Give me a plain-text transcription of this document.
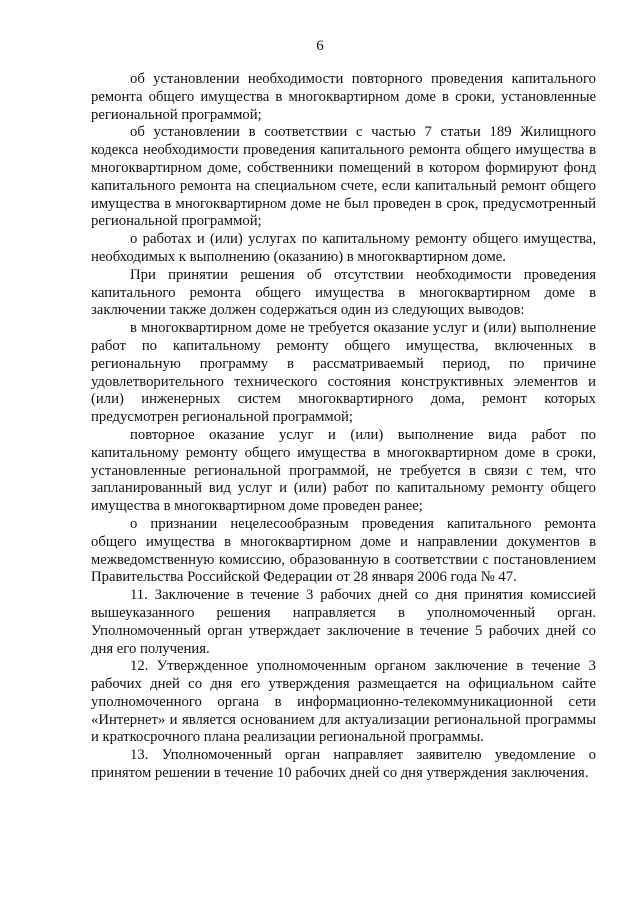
6

об установлении необходимости повторного проведения капитального ремонта общего имущества в многоквартирном доме в сроки, установленные региональной программой;

об установлении в соответствии с частью 7 статьи 189 Жилищного кодекса необходимости проведения капитального ремонта общего имущества в многоквартирном доме, собственники помещений в котором формируют фонд капитального ремонта на специальном счете, если капитальный ремонт общего имущества в многоквартирном доме не был проведен в срок, предусмотренный региональной программой;

о работах и (или) услугах по капитальному ремонту общего имущества, необходимых к выполнению (оказанию) в многоквартирном доме.

При принятии решения об отсутствии необходимости проведения капитального ремонта общего имущества в многоквартирном доме в заключении также должен содержаться один из следующих выводов:

в многоквартирном доме не требуется оказание услуг и (или) выполнение работ по капитальному ремонту общего имущества, включенных в региональную программу в рассматриваемый период, по причине удовлетворительного технического состояния конструктивных элементов и (или) инженерных систем многоквартирного дома, ремонт которых предусмотрен региональной программой;

повторное оказание услуг и (или) выполнение вида работ по капитальному ремонту общего имущества в многоквартирном доме в сроки, установленные региональной программой, не требуется в связи с тем, что запланированный вид услуг и (или) работ по капитальному ремонту общего имущества в многоквартирном доме проведен ранее;

о признании нецелесообразным проведения капитального ремонта общего имущества в многоквартирном доме и направлении документов в межведомственную комиссию, образованную в соответствии с постановлением Правительства Российской Федерации от 28 января 2006 года № 47.

11. Заключение в течение 3 рабочих дней со дня принятия комиссией вышеуказанного решения направляется в уполномоченный орган. Уполномоченный орган утверждает заключение в течение 5 рабочих дней со дня его получения.

12. Утвержденное уполномоченным органом заключение в течение 3 рабочих дней со дня его утверждения размещается на официальном сайте уполномоченного органа в информационно-телекоммуникационной сети «Интернет» и является основанием для актуализации региональной программы и краткосрочного плана реализации региональной программы.

13. Уполномоченный орган направляет заявителю уведомление о принятом решении в течение 10 рабочих дней со дня утверждения заключения.
